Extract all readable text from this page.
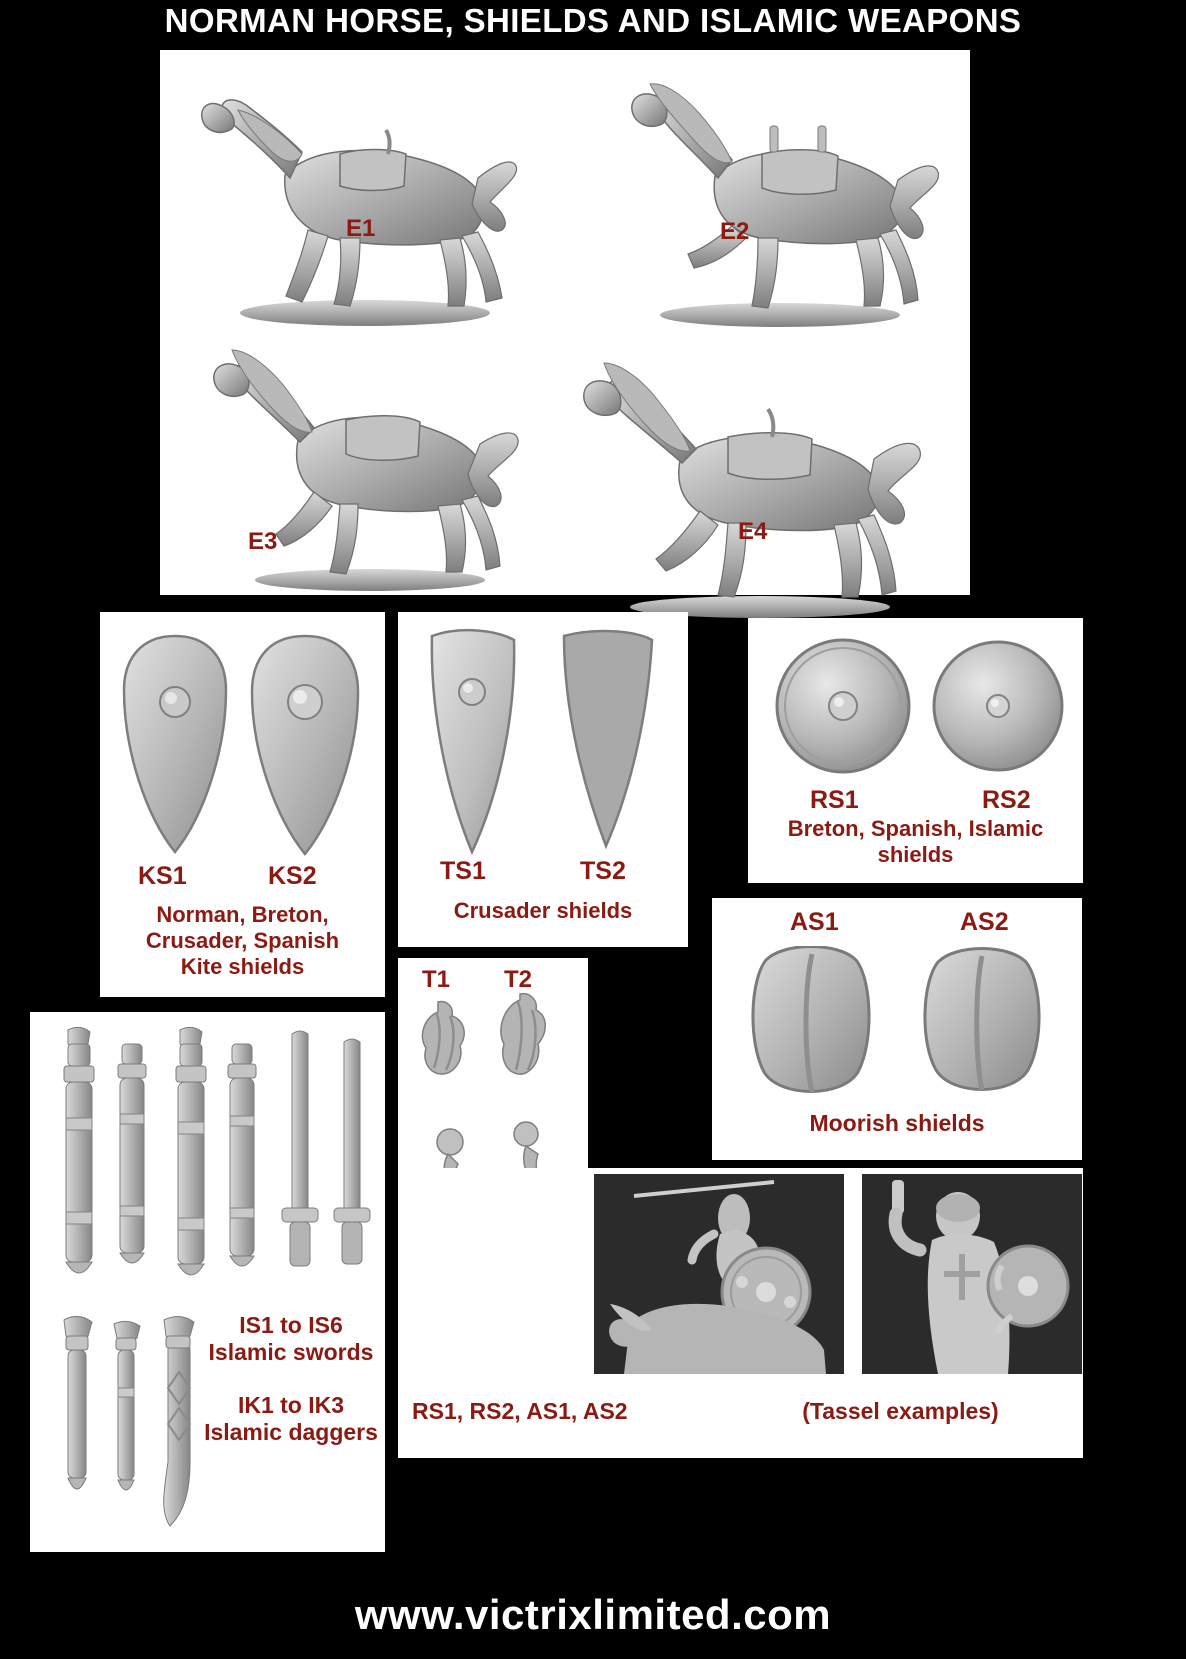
NORMAN HORSE, SHIELDS AND ISLAMIC WEAPONS
E1	E2
E3	E4
KS1	KS2
Norman, Breton,
Crusader, Spanish
Kite shields
TS1	TS2
Crusader shields
RS1	RS2
Breton, Spanish, Islamic
shields
AS1	AS2
Moorish shields
T1 T2
IS1 to IS6
Islamic swords
IK1 to IK3
Islamic daggers
RS1, RS2, AS1, AS2	(Tassel examples)
www.victrixlimited.com
